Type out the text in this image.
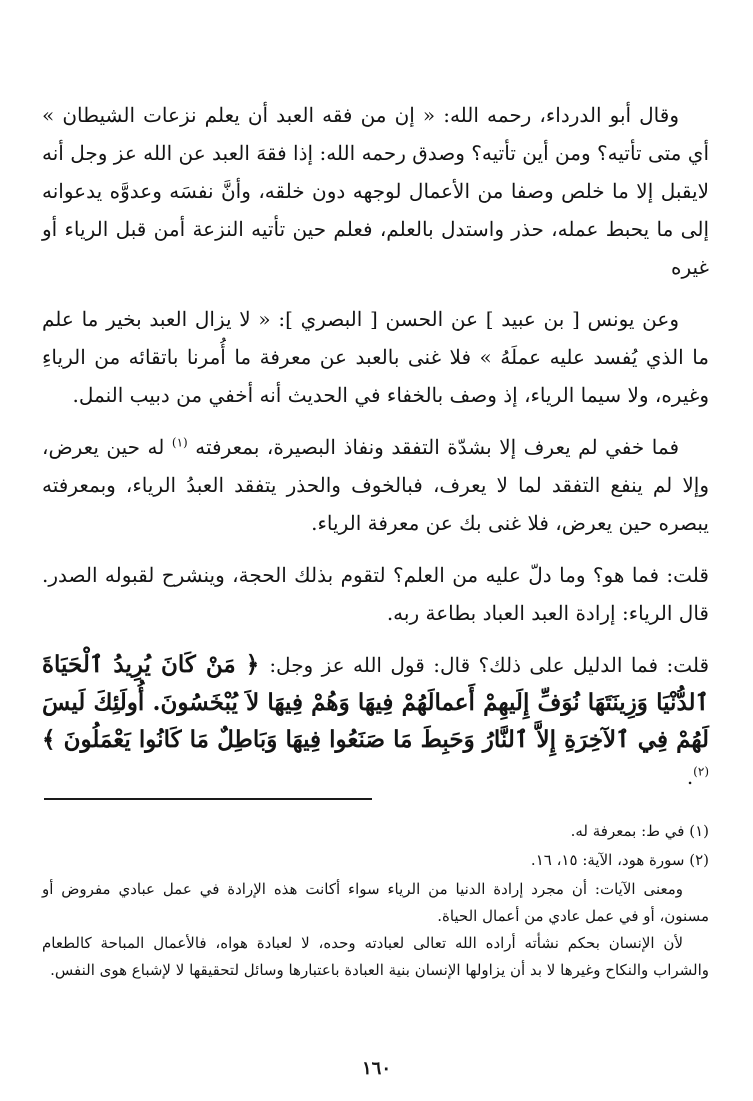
وقال أبو الدرداء، رحمه الله: « إن من فقه العبد أن يعلم نزعات الشيطان » أي متى تأتيه؟ ومن أين تأتيه؟ وصدق رحمه الله: إذا فقهَ العبد عن الله عز وجل أنه لايقبل إلا ما خلص وصفا من الأعمال لوجهه دون خلقه، وأنَّ نفسَه وعدوَّه يدعوانه إلى ما يحبط عمله، حذر واستدل بالعلم، فعلم حين تأتيه النزعة أمن قبل الرياء أو غيره

وعن يونس [ بن عبيد ] عن الحسن [ البصري ]: « لا يزال العبد بخير ما علم ما الذي يُفسد عليه عملَهُ » فلا غنى بالعبد عن معرفة ما أُمرنا باتقائه من الرياءِ وغيره، ولا سيما الرياء، إذ وصف بالخفاء في الحديث أنه أخفي من دبيب النمل.

فما خفي لم يعرف إلا بشدّة التفقد ونفاذ البصيرة، بمعرفته $^{(١)}$ له حين يعرض، وإلا لم ينفع التفقد لما لا يعرف، فبالخوف والحذر يتفقد العبدُ الرياء، وبمعرفته يبصره حين يعرض، فلا غنى بك عن معرفة الرياء.

قلت: فما هو؟ وما دلّ عليه من العلم؟ لتقوم بذلك الحجة، وينشرح لقبوله الصدر. قال الرياء: إرادة العبد العباد بطاعة ربه.

قلت: فما الدليل على ذلك؟ قال: قول الله عز وجل: ﴿ مَنْ كَانَ يُرِيدُ ٱلْحَيَاةَ ٱلدُّنْيَا وَزِينَتَهَا نُوَفِّ إِلَيهِمْ أَعمالَهُمْ فِيهَا وَهُمْ فِيهَا لاَ يُبْخَسُونَ. أُولَئِكَ لَيسَ لَهُمْ فِي ٱلآخِرَةِ إِلاَّ ٱلنَّارُ وَحَبِطَ مَا صَنَعُوا فِيهَا وَبَاطِلٌ مَا كَانُوا يَعْمَلُونَ ﴾ $^{(٢)}$.

(١) في ط: بمعرفة له.

(٢) سورة هود، الآية: ١٥، ١٦.

ومعنى الآيات: أن مجرد إرادة الدنيا من الرياء سواء أكانت هذه الإرادة في عمل عبادي مفروض أو مسنون، أو في عمل عادي من أعمال الحياة.

لأن الإنسان بحكم نشأته أراده الله تعالى لعبادته وحده، لا لعبادة هواه، فالأعمال المباحة كالطعام والشراب والنكاح وغيرها لا بد أن يزاولها الإنسان بنية العبادة باعتبارها وسائل لتحقيقها لا لإشباع هوى النفس.

١٦٠
